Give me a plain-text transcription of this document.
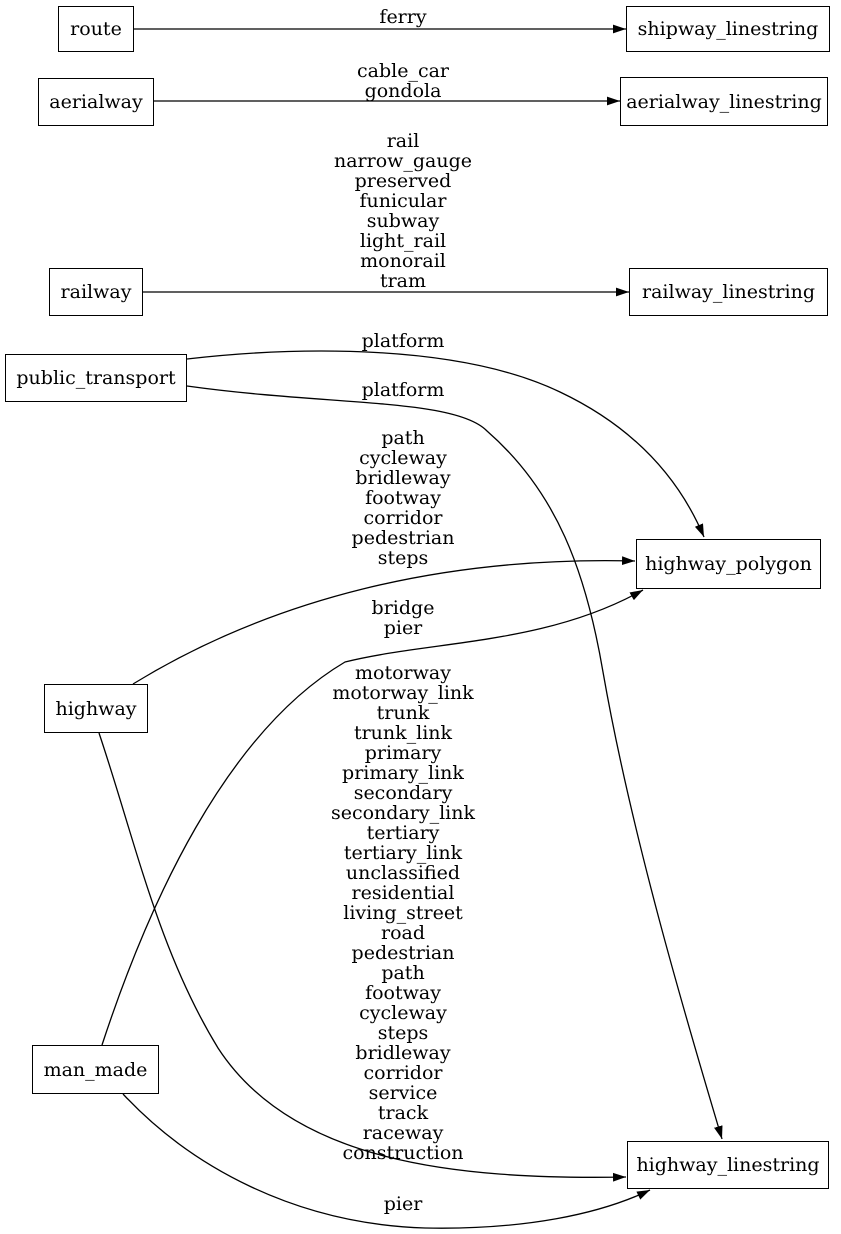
route	shipway_linestring
aerialway	aerialway_linestring
railway	railway_linestring
public_transport
highway_polygon
highway
man_made
highway_linestring
ferry
cable_car
gondola
rail
narrow_gauge
preserved
funicular
subway
light_rail
monorail
tram
platform
platform
path
cycleway
bridleway
footway
corridor
pedestrian
steps
bridge
pier
motorway
motorway_link
trunk
trunk_link
primary
primary_link
secondary
secondary_link
tertiary
tertiary_link
unclassified
residential
living_street
road
pedestrian
path
footway
cycleway
steps
bridleway
corridor
service
track
raceway
construction
pier
